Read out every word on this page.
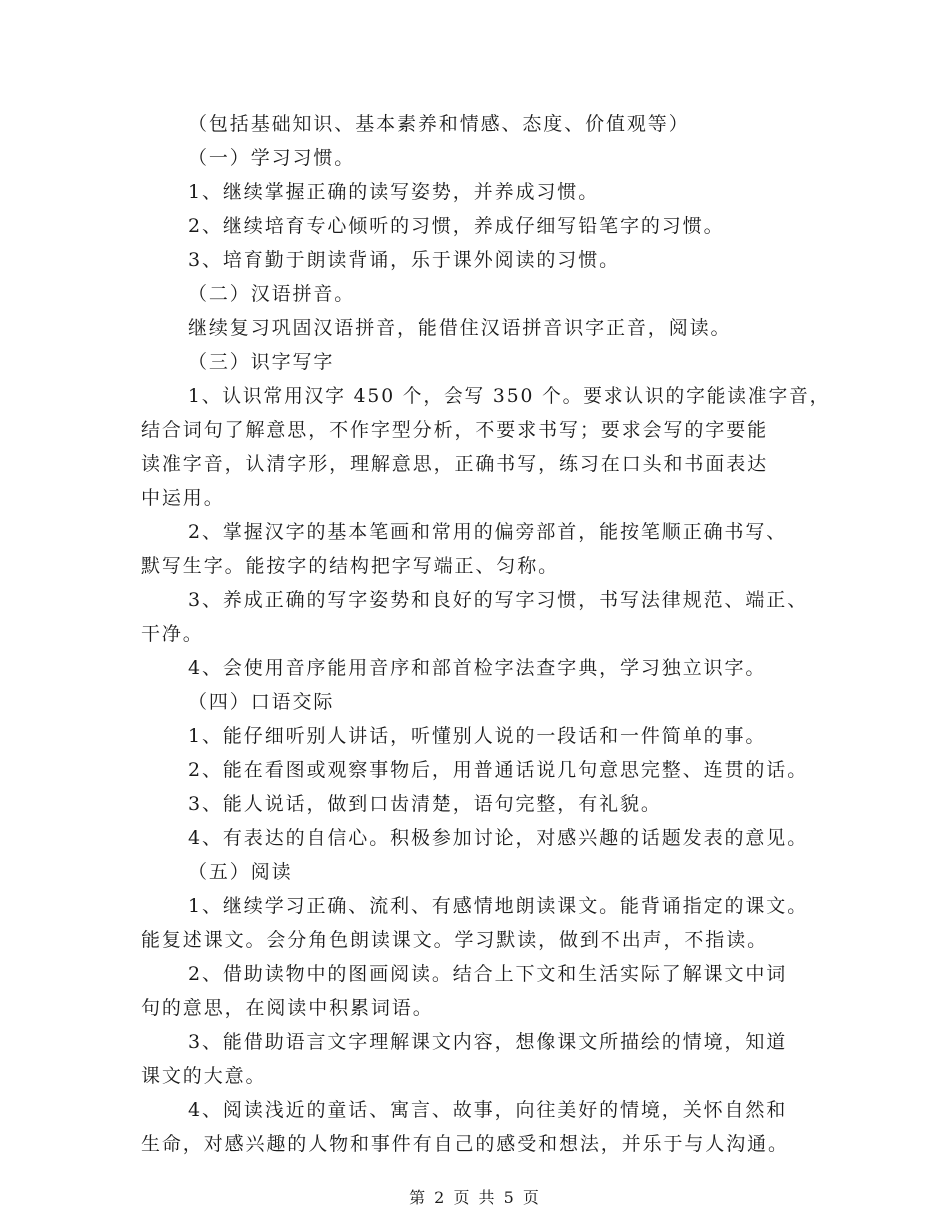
（包括基础知识、基本素养和情感、态度、价值观等）
（一）学习习惯。
1、继续掌握正确的读写姿势，并养成习惯。
2、继续培育专心倾听的习惯，养成仔细写铅笔字的习惯。
3、培育勤于朗读背诵，乐于课外阅读的习惯。
（二）汉语拼音。
继续复习巩固汉语拼音，能借住汉语拼音识字正音，阅读。
（三）识字写字
1、认识常用汉字 450 个，会写 350 个。要求认识的字能读准字音，
结合词句了解意思，不作字型分析，不要求书写；要求会写的字要能
读准字音，认清字形，理解意思，正确书写，练习在口头和书面表达
中运用。
2、掌握汉字的基本笔画和常用的偏旁部首，能按笔顺正确书写、
默写生字。能按字的结构把字写端正、匀称。
3、养成正确的写字姿势和良好的写字习惯，书写法律规范、端正、
干净。
4、会使用音序能用音序和部首检字法查字典，学习独立识字。
（四）口语交际
1、能仔细听别人讲话，听懂别人说的一段话和一件简单的事。
2、能在看图或观察事物后，用普通话说几句意思完整、连贯的话。
3、能人说话，做到口齿清楚，语句完整，有礼貌。
4、有表达的自信心。积极参加讨论，对感兴趣的话题发表的意见。
（五）阅读
1、继续学习正确、流利、有感情地朗读课文。能背诵指定的课文。
能复述课文。会分角色朗读课文。学习默读，做到不出声，不指读。
2、借助读物中的图画阅读。结合上下文和生活实际了解课文中词
句的意思，在阅读中积累词语。
3、能借助语言文字理解课文内容，想像课文所描绘的情境，知道
课文的大意。
4、阅读浅近的童话、寓言、故事，向往美好的情境，关怀自然和
生命，对感兴趣的人物和事件有自己的感受和想法，并乐于与人沟通。
第 2 页 共 5 页
